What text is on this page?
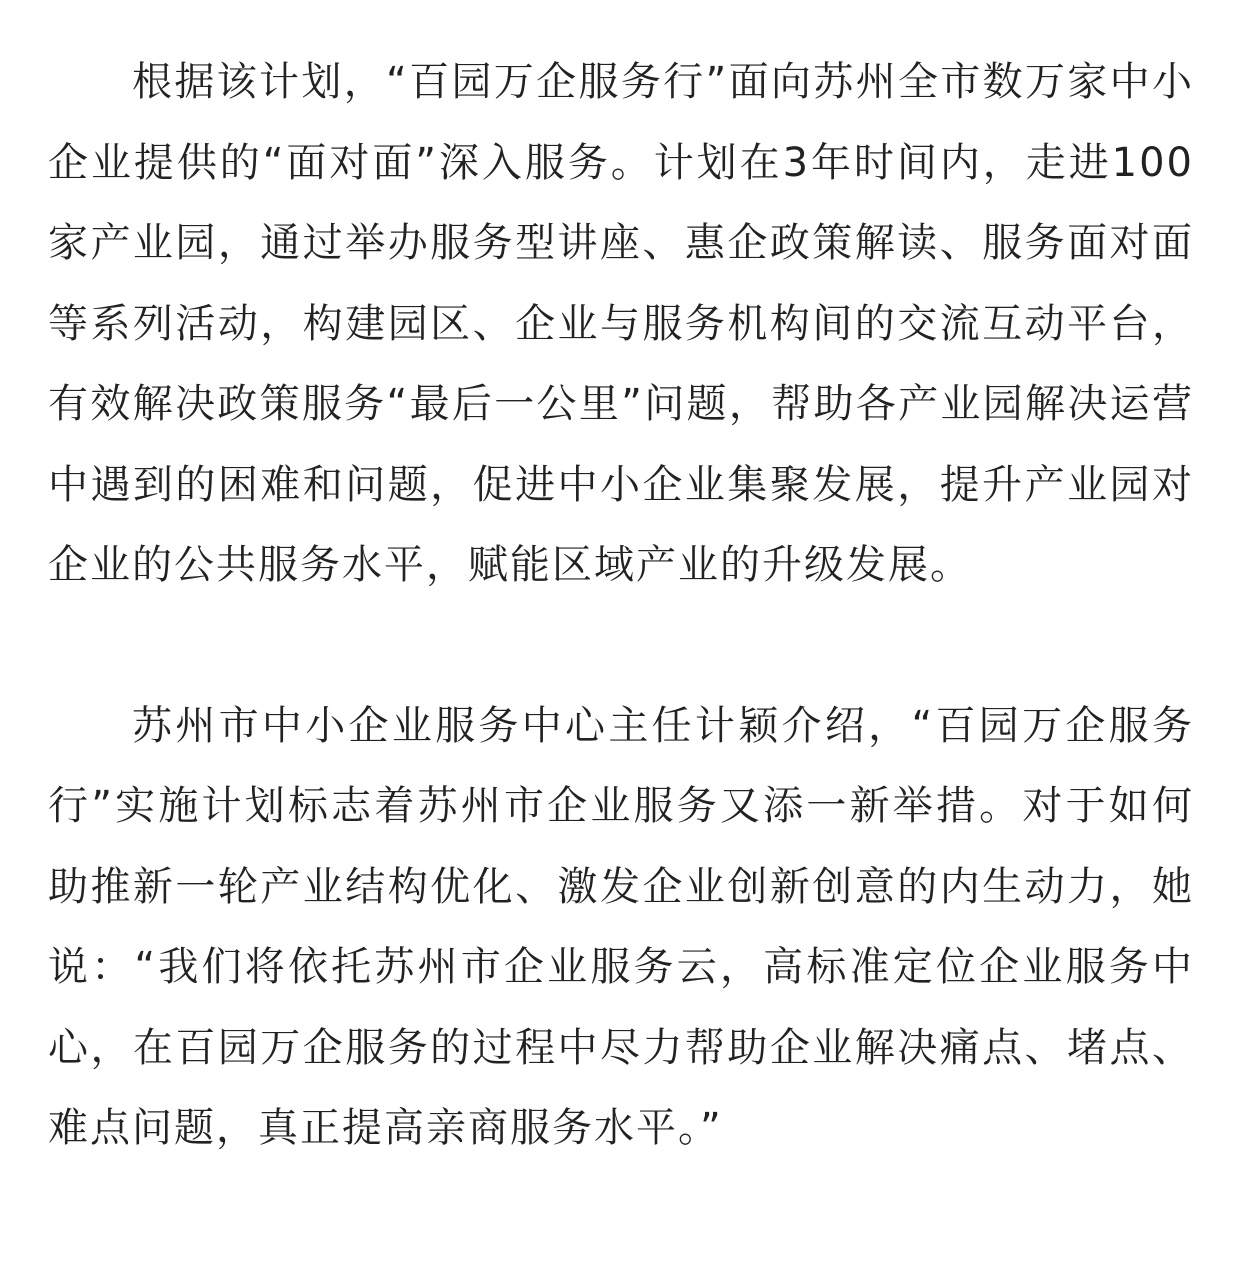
根据该计划，“百园万企服务行”面向苏州全市数万家中小企业提供的“面对面”深入服务。计划在3年时间内，走进100家产业园，通过举办服务型讲座、惠企政策解读、服务面对面等系列活动，构建园区、企业与服务机构间的交流互动平台，有效解决政策服务“最后一公里”问题，帮助各产业园解决运营中遇到的困难和问题，促进中小企业集聚发展，提升产业园对企业的公共服务水平，赋能区域产业的升级发展。

苏州市中小企业服务中心主任计颖介绍，“百园万企服务行”实施计划标志着苏州市企业服务又添一新举措。对于如何助推新一轮产业结构优化、激发企业创新创意的内生动力，她说：“我们将依托苏州市企业服务云，高标准定位企业服务中心，在百园万企服务的过程中尽力帮助企业解决痛点、堵点、难点问题，真正提高亲商服务水平。”
